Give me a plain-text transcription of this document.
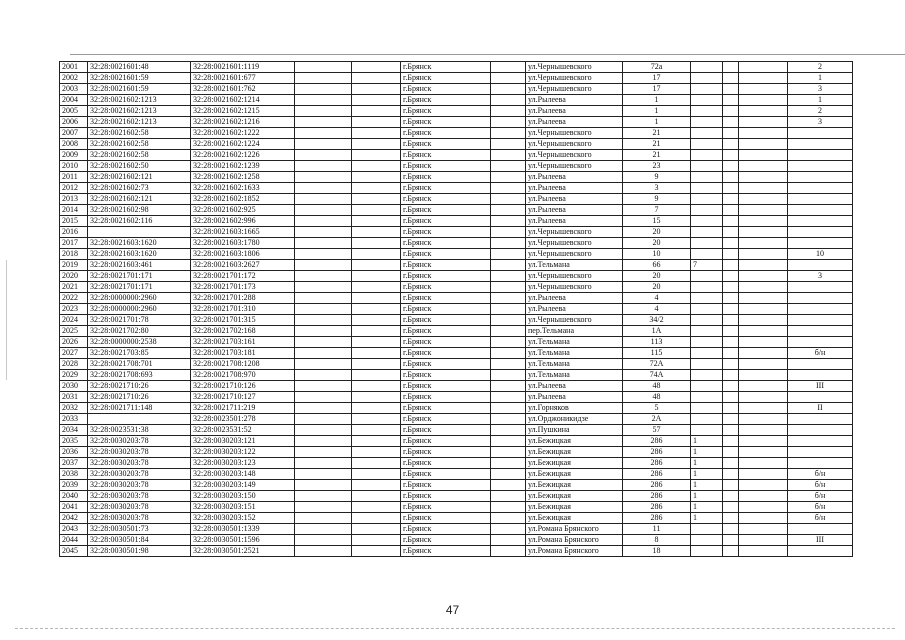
2001	32:28:0021601:48	32:28:0021601:1119			г.Брянск		ул.Чернышевского	72а				2
2002	32:28:0021601:59	32:28:0021601:677			г.Брянск		ул.Чернышевского	17				1
2003	32:28:0021601:59	32:28:0021601:762			г.Брянск		ул.Чернышевского	17				3
2004	32:28:0021602:1213	32:28:0021602:1214			г.Брянск		ул.Рылеева	1				1
2005	32:28:0021602:1213	32:28:0021602:1215			г.Брянск		ул.Рылеева	1				2
2006	32:28:0021602:1213	32:28:0021602:1216			г.Брянск		ул.Рылеева	1				3
2007	32:28:0021602:58	32:28:0021602:1222			г.Брянск		ул.Чернышевского	21				
2008	32:28:0021602:58	32:28:0021602:1224			г.Брянск		ул.Чернышевского	21				
2009	32:28:0021602:58	32:28:0021602:1226			г.Брянск		ул.Чернышевского	21				
2010	32:28:0021602:50	32:28:0021602:1239			г.Брянск		ул.Чернышевского	23				
2011	32:28:0021602:121	32:28:0021602:1258			г.Брянск		ул.Рылеева	9				
2012	32:28:0021602:73	32:28:0021602:1633			г.Брянск		ул.Рылеева	3				
2013	32:28:0021602:121	32:28:0021602:1852			г.Брянск		ул.Рылеева	9				
2014	32:28:0021602:98	32:28:0021602:925			г.Брянск		ул.Рылеева	7				
2015	32:28:0021602:116	32:28:0021602:996			г.Брянск		ул.Рылеева	15				
2016		32:28:0021603:1665			г.Брянск		ул.Чернышевского	20				
2017	32:28:0021603:1620	32:28:0021603:1780			г.Брянск		ул.Чернышевского	20				
2018	32:28:0021603:1620	32:28:0021603:1806			г.Брянск		ул.Чернышевского	10				10
2019	32:28:0021603:461	32:28:0021603:2627			г.Брянск		ул.Тельмана	66	7			
2020	32:28:0021701:171	32:28:0021701:172			г.Брянск		ул.Чернышевского	20				3
2021	32:28:0021701:171	32:28:0021701:173			г.Брянск		ул.Чернышевского	20				
2022	32:28:0000000:2960	32:28:0021701:288			г.Брянск		ул.Рылеева	4				
2023	32:28:0000000:2960	32:28:0021701:310			г.Брянск		ул.Рылеева	4				
2024	32:28:0021701:78	32:28:0021701:315			г.Брянск		ул.Чернышевского	34/2				
2025	32:28:0021702:80	32:28:0021702:168			г.Брянск		пер.Тельмана	1А				
2026	32:28:0000000:2538	32:28:0021703:161			г.Брянск		ул.Тельмана	113				
2027	32:28:0021703:85	32:28:0021703:181			г.Брянск		ул.Тельмана	115				б/н
2028	32:28:0021708:701	32:28:0021708:1208			г.Брянск		ул.Тельмана	72А				
2029	32:28:0021708:693	32:28:0021708:970			г.Брянск		ул.Тельмана	74А				
2030	32:28:0021710:26	32:28:0021710:126			г.Брянск		ул.Рылеева	48				III
2031	32:28:0021710:26	32:28:0021710:127			г.Брянск		ул.Рылеева	48				
2032	32:28:0021711:148	32:28:0021711:219			г.Брянск		ул.Горняков	5				II
2033		32:28:0023501:278			г.Брянск		ул.Орджоникидзе	2А				
2034	32:28:0023531:38	32:28:0023531:52			г.Брянск		ул.Пушкина	57				
2035	32:28:0030203:78	32:28:0030203:121			г.Брянск		ул.Бежицкая	286	1			
2036	32:28:0030203:78	32:28:0030203:122			г.Брянск		ул.Бежицкая	286	1			
2037	32:28:0030203:78	32:28:0030203:123			г.Брянск		ул.Бежицкая	286	1			
2038	32:28:0030203:78	32:28:0030203:148			г.Брянск		ул.Бежицкая	286	1			б/н
2039	32:28:0030203:78	32:28:0030203:149			г.Брянск		ул.Бежицкая	286	1			б/н
2040	32:28:0030203:78	32:28:0030203:150			г.Брянск		ул.Бежицкая	286	1			б/н
2041	32:28:0030203:78	32:28:0030203:151			г.Брянск		ул.Бежицкая	286	1			б/н
2042	32:28:0030203:78	32:28:0030203:152			г.Брянск		ул.Бежицкая	286	1			б/н
2043	32:28:0030501:73	32:28:0030501:1339			г.Брянск		ул.Романа Брянского	11				
2044	32:28:0030501:84	32:28:0030501:1596			г.Брянск		ул.Романа Брянского	8				III
2045	32:28:0030501:98	32:28:0030501:2521			г.Брянск		ул.Романа Брянского	18				
47
